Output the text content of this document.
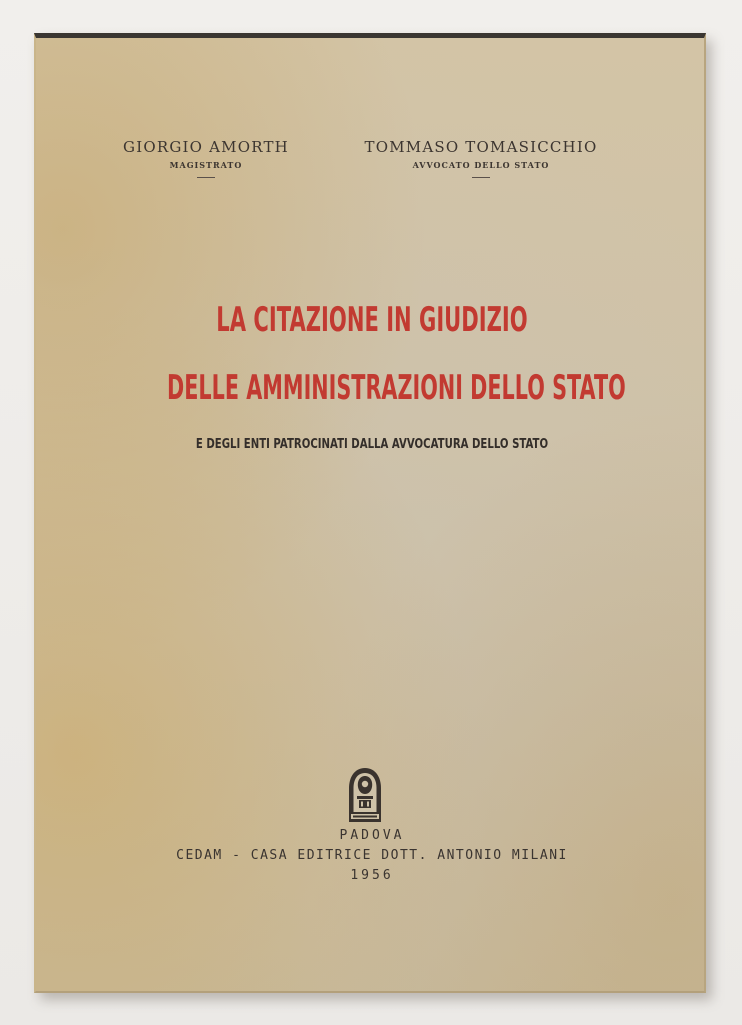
GIORGIO AMORTH
MAGISTRATO
TOMMASO TOMASICCHIO
AVVOCATO DELLO STATO
LA CITAZIONE IN GIUDIZIO
DELLE AMMINISTRAZIONI DELLO STATO
E DEGLI ENTI PATROCINATI DALLA AVVOCATURA DELLO STATO
PADOVA
CEDAM - CASA EDITRICE DOTT. ANTONIO MILANI
1956
